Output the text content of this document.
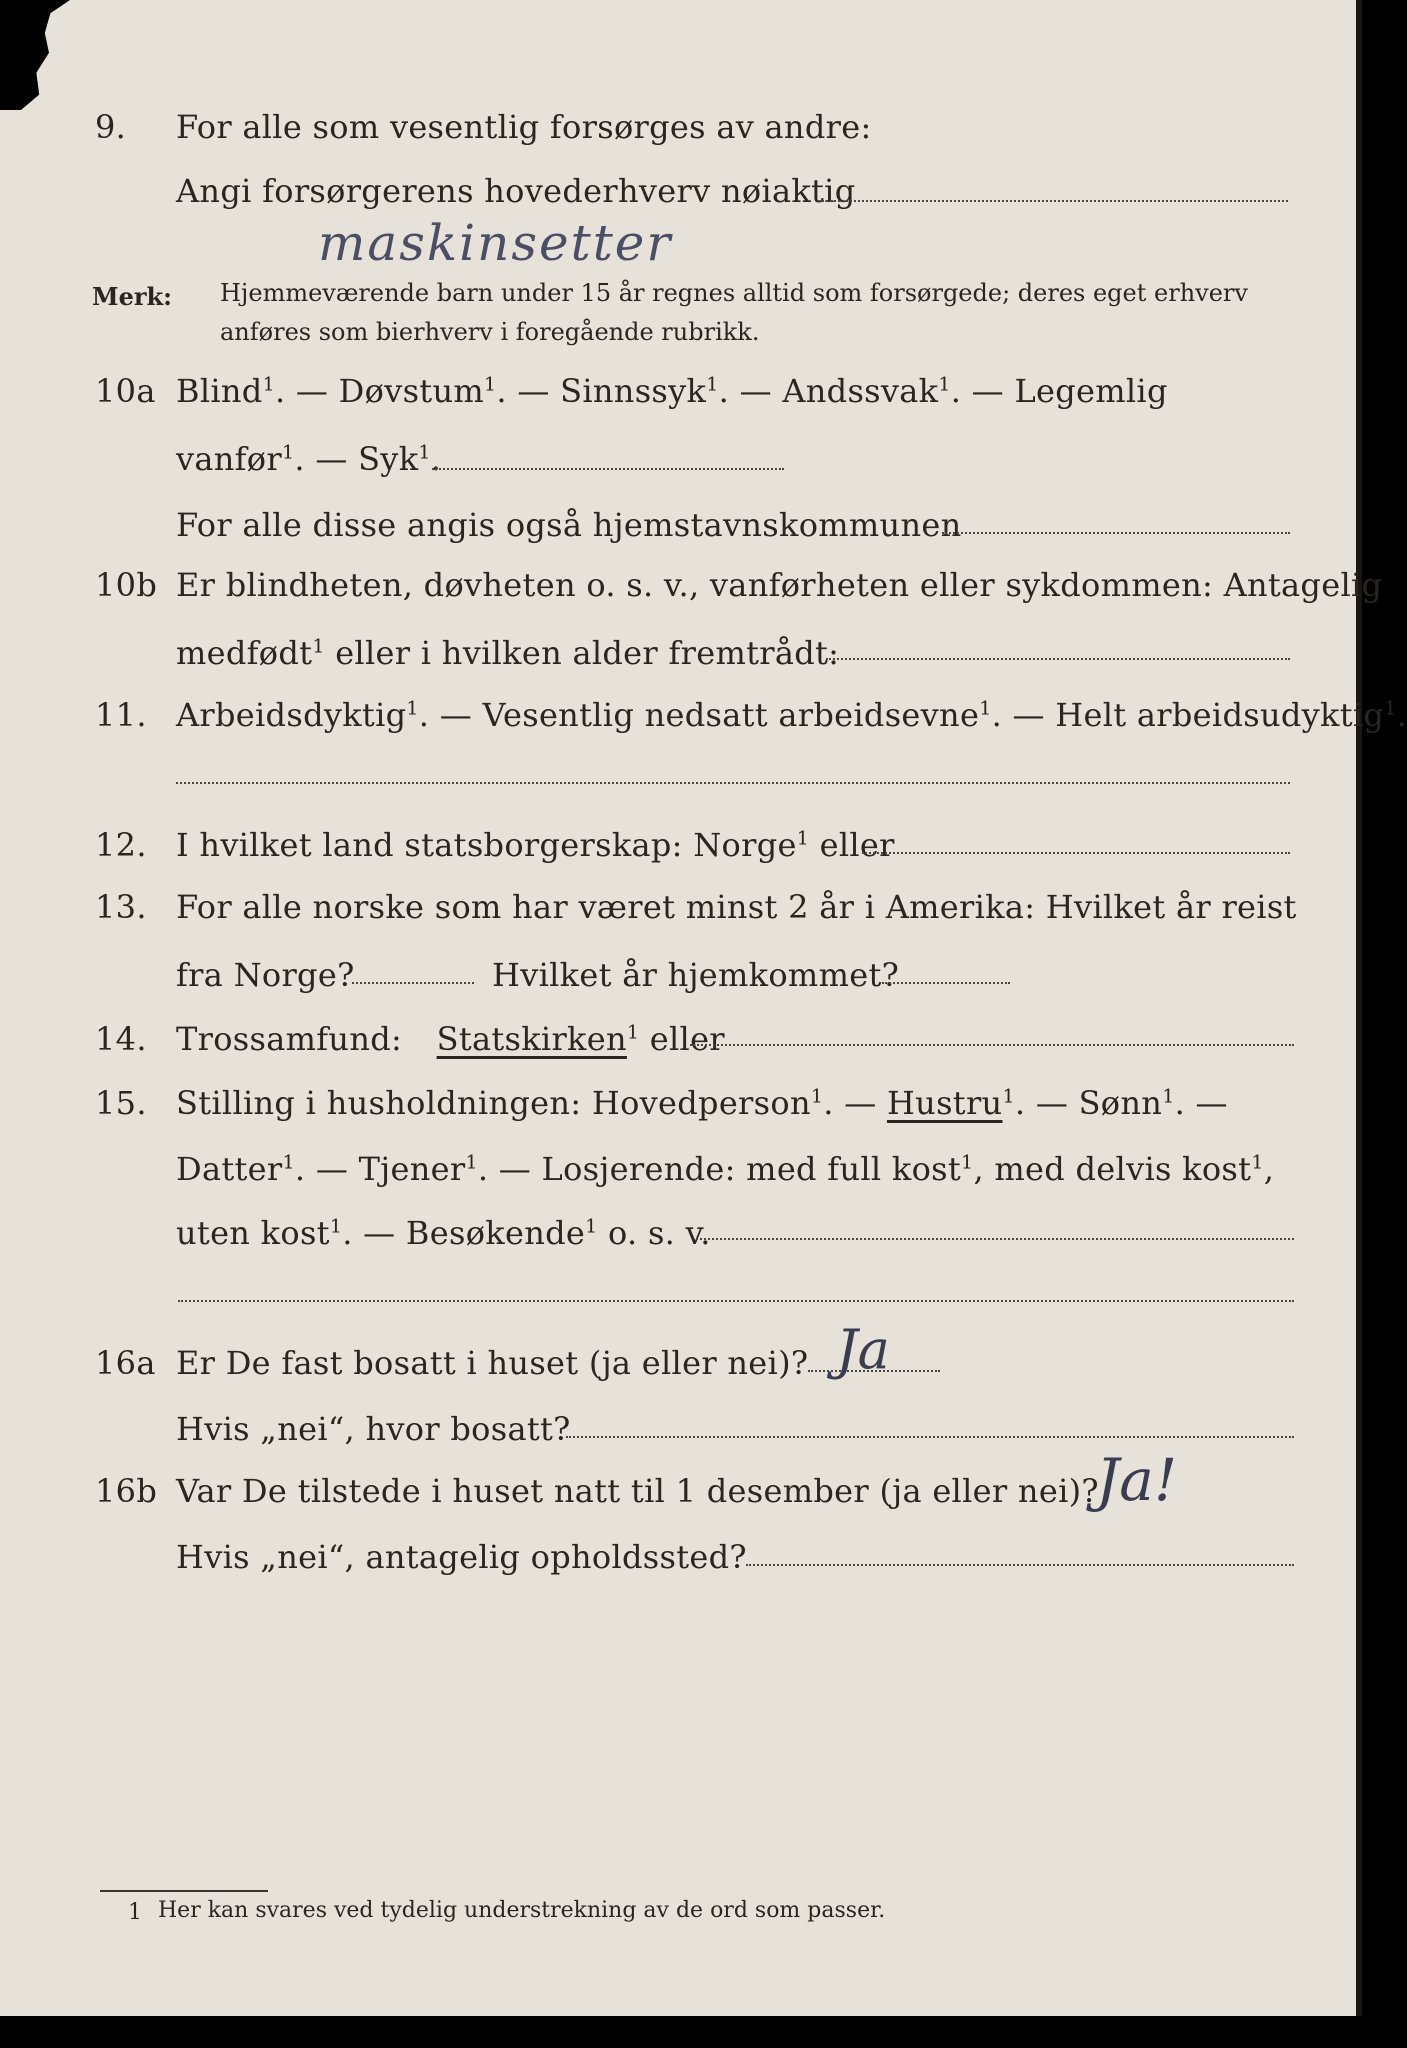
9.	For alle som vesentlig forsørges av andre:
Angi forsørgerens hovederhverv nøiaktig
maskinsetter
Merk: Hjemmeværende barn under 15 år regnes alltid som forsørgede; deres eget erhverv
anføres som bierhverv i foregående rubrikk.
10a Blind$^1$. — Døvstum$^1$. — Sinnssyk$^1$. — Andssvak$^1$. — Legemlig
vanfør$^1$. — Syk$^1$.
For alle disse angis også hjemstavnskommunen
10b Er blindheten, døvheten o. s. v., vanførheten eller sykdommen: Antagelig
medfødt$^1$ eller i hvilken alder fremtrådt:
11. Arbeidsdyktig$^1$. — Vesentlig nedsatt arbeidsevne$^1$. — Helt arbeidsudyktig$^1$.
12. I hvilket land statsborgerskap: Norge$^1$ eller
13. For alle norske som har været minst 2 år i Amerika: Hvilket år reist
fra Norge?	Hvilket år hjemkommet?
14. Trossamfund: Statskirken$^1$ eller
15. Stilling i husholdningen: Hovedperson$^1$. — Hustru$^1$. — Sønn$^1$. —
Datter$^1$. — Tjener$^1$. — Losjerende: med full kost$^1$, med delvis kost$^1$,
uten kost$^1$. — Besøkende$^1$ o. s. v.
16a Er De fast bosatt i huset (ja eller nei)? Ja
Hvis „nei“, hvor bosatt?
16b Var De tilstede i huset natt til 1 desember (ja eller nei)?
Ja!
Hvis „nei“, antagelig opholdssted?
1 Her kan svares ved tydelig understrekning av de ord som passer.
